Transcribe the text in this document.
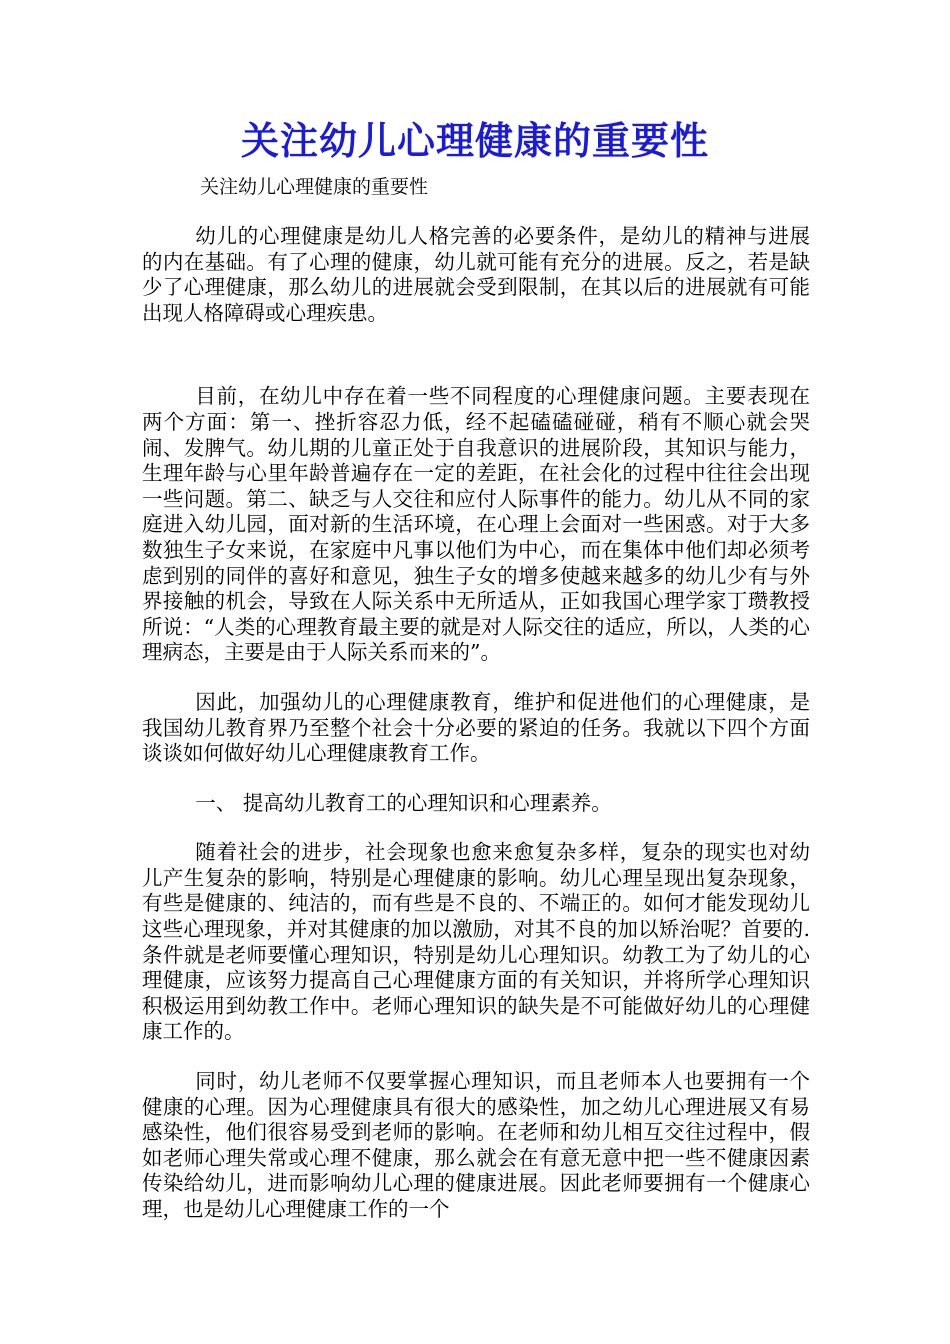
关注幼儿心理健康的重要性
关注幼儿心理健康的重要性

幼儿的心理健康是幼儿人格完善的必要条件，是幼儿的精神与进展的内在基础。有了心理的健康，幼儿就可能有充分的进展。反之，若是缺少了心理健康，那么幼儿的进展就会受到限制，在其以后的进展就有可能出现人格障碍或心理疾患。

目前，在幼儿中存在着一些不同程度的心理健康问题。主要表现在两个方面：第一、挫折容忍力低，经不起磕磕碰碰，稍有不顺心就会哭闹、发脾气。幼儿期的儿童正处于自我意识的进展阶段，其知识与能力，生理年龄与心里年龄普遍存在一定的差距，在社会化的过程中往往会出现一些问题。第二、缺乏与人交往和应付人际事件的能力。幼儿从不同的家庭进入幼儿园，面对新的生活环境，在心理上会面对一些困惑。对于大多数独生子女来说，在家庭中凡事以他们为中心，而在集体中他们却必须考虑到别的同伴的喜好和意见，独生子女的增多使越来越多的幼儿少有与外界接触的机会，导致在人际关系中无所适从，正如我国心理学家丁瓒教授所说：“人类的心理教育最主要的就是对人际交往的适应，所以，人类的心理病态，主要是由于人际关系而来的”。

因此，加强幼儿的心理健康教育，维护和促进他们的心理健康，是我国幼儿教育界乃至整个社会十分必要的紧迫的任务。我就以下四个方面谈谈如何做好幼儿心理健康教育工作。

一、 提高幼儿教育工的心理知识和心理素养。

随着社会的进步，社会现象也愈来愈复杂多样，复杂的现实也对幼儿产生复杂的影响，特别是心理健康的影响。幼儿心理呈现出复杂现象，有些是健康的、纯洁的，而有些是不良的、不端正的。如何才能发现幼儿这些心理现象，并对其健康的加以激励，对其不良的加以矫治呢？首要的.条件就是老师要懂心理知识，特别是幼儿心理知识。幼教工为了幼儿的心理健康，应该努力提高自己心理健康方面的有关知识，并将所学心理知识积极运用到幼教工作中。老师心理知识的缺失是不可能做好幼儿的心理健康工作的。

同时，幼儿老师不仅要掌握心理知识，而且老师本人也要拥有一个健康的心理。因为心理健康具有很大的感染性，加之幼儿心理进展又有易感染性，他们很容易受到老师的影响。在老师和幼儿相互交往过程中，假如老师心理失常或心理不健康，那么就会在有意无意中把一些不健康因素传染给幼儿，进而影响幼儿心理的健康进展。因此老师要拥有一个健康心理，也是幼儿心理健康工作的一个
